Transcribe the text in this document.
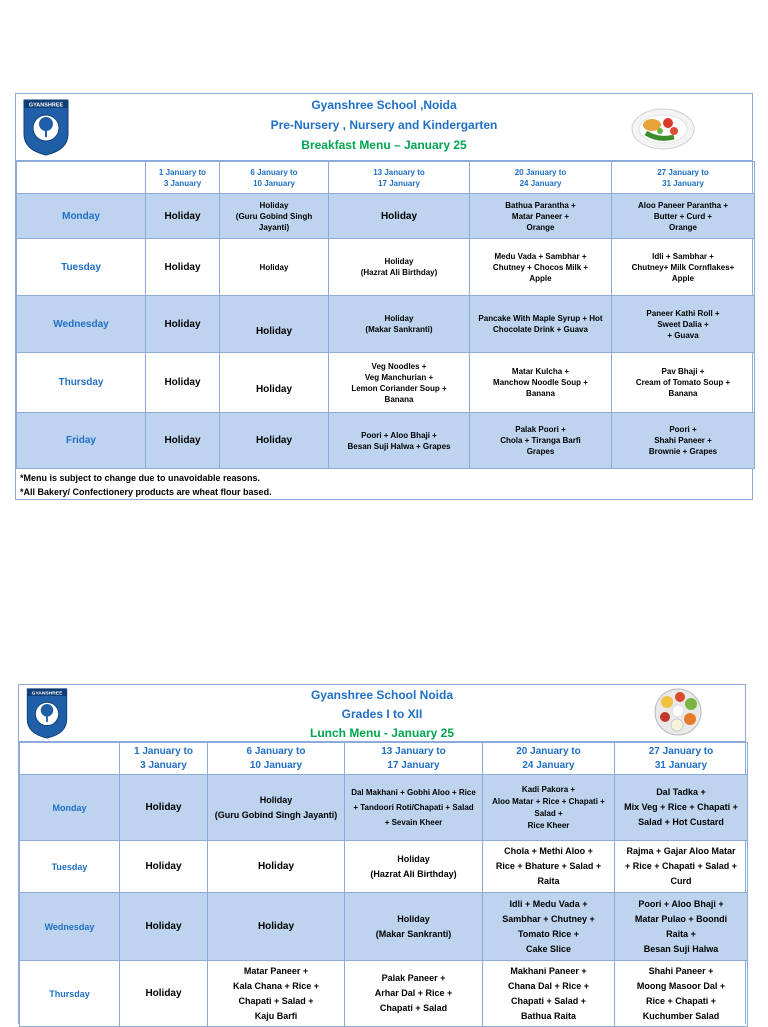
GYANSHREE	Gyanshree School ,Noida
Pre-Nursery , Nursery and Kindergarten
Breakfast Menu – January 25
	1 January to
3 January	6 January to
10 January	13 January to
17 January	20 January to
24 January	27 January to
31 January
Monday	Holiday	Holiday
(Guru Gobind Singh
Jayanti)	Holiday	Bathua Parantha +
Matar Paneer +
Orange	Aloo Paneer Parantha +
Butter + Curd +
Orange
Tuesday	Holiday	Holiday	Holiday
(Hazrat Ali Birthday)	Medu Vada + Sambhar +
Chutney + Chocos Milk +
Apple	Idli + Sambhar +
Chutney+ Milk Cornflakes+
Apple
Wednesday	Holiday	Holiday	Holiday
(Makar Sankranti)	Pancake With Maple Syrup + Hot
Chocolate Drink + Guava	Paneer Kathi Roll +
Sweet Dalia +
+ Guava
Thursday	Holiday	Holiday	Veg Noodles +
Veg Manchurian +
Lemon Coriander Soup +
Banana	Matar Kulcha +
Manchow Noodle Soup +
Banana	Pav Bhaji +
Cream of Tomato Soup +
Banana
Friday	Holiday	Holiday	Poori + Aloo Bhaji +
Besan Suji Halwa + Grapes	Palak Poori +
Chola + Tiranga Barfi
Grapes	Poori +
Shahi Paneer +
Brownie + Grapes
*Menu is subject to change due to unavoidable reasons.
*All Bakery/ Confectionery products are wheat flour based.
GYANSHREE	Gyanshree School Noida
Grades I to XII
Lunch Menu - January 25
	1 January to
3 January	6 January to
10 January	13 January to
17 January	20 January to
24 January	27 January to
31 January
Monday	Holiday	Holiday
(Guru Gobind Singh Jayanti)	Dal Makhani + Gobhi Aloo + Rice
+ Tandoori Roti/Chapati + Salad
+ Sevain Kheer	Kadi Pakora +
Aloo Matar + Rice + Chapati +
Salad +
Rice Kheer	Dal Tadka +
Mix Veg + Rice + Chapati +
Salad + Hot Custard
Tuesday	Holiday	Holiday	Holiday
(Hazrat Ali Birthday)	Chola + Methi Aloo +
Rice + Bhature + Salad +
Raita	Rajma + Gajar Aloo Matar
+ Rice + Chapati + Salad +
Curd
Wednesday	Holiday	Holiday	Holiday
(Makar Sankranti)	Idli + Medu Vada +
Sambhar + Chutney +
Tomato Rice +
Cake Slice	Poori + Aloo Bhaji +
Matar Pulao + Boondi
Raita +
Besan Suji Halwa
Thursday	Holiday	Matar Paneer +
Kala Chana + Rice +
Chapati + Salad +
Kaju Barfi	Palak Paneer +
Arhar Dal + Rice +
Chapati + Salad	Makhani Paneer +
Chana Dal + Rice +
Chapati + Salad +
Bathua Raita	Shahi Paneer +
Moong Masoor Dal +
Rice + Chapati +
Kuchumber Salad
